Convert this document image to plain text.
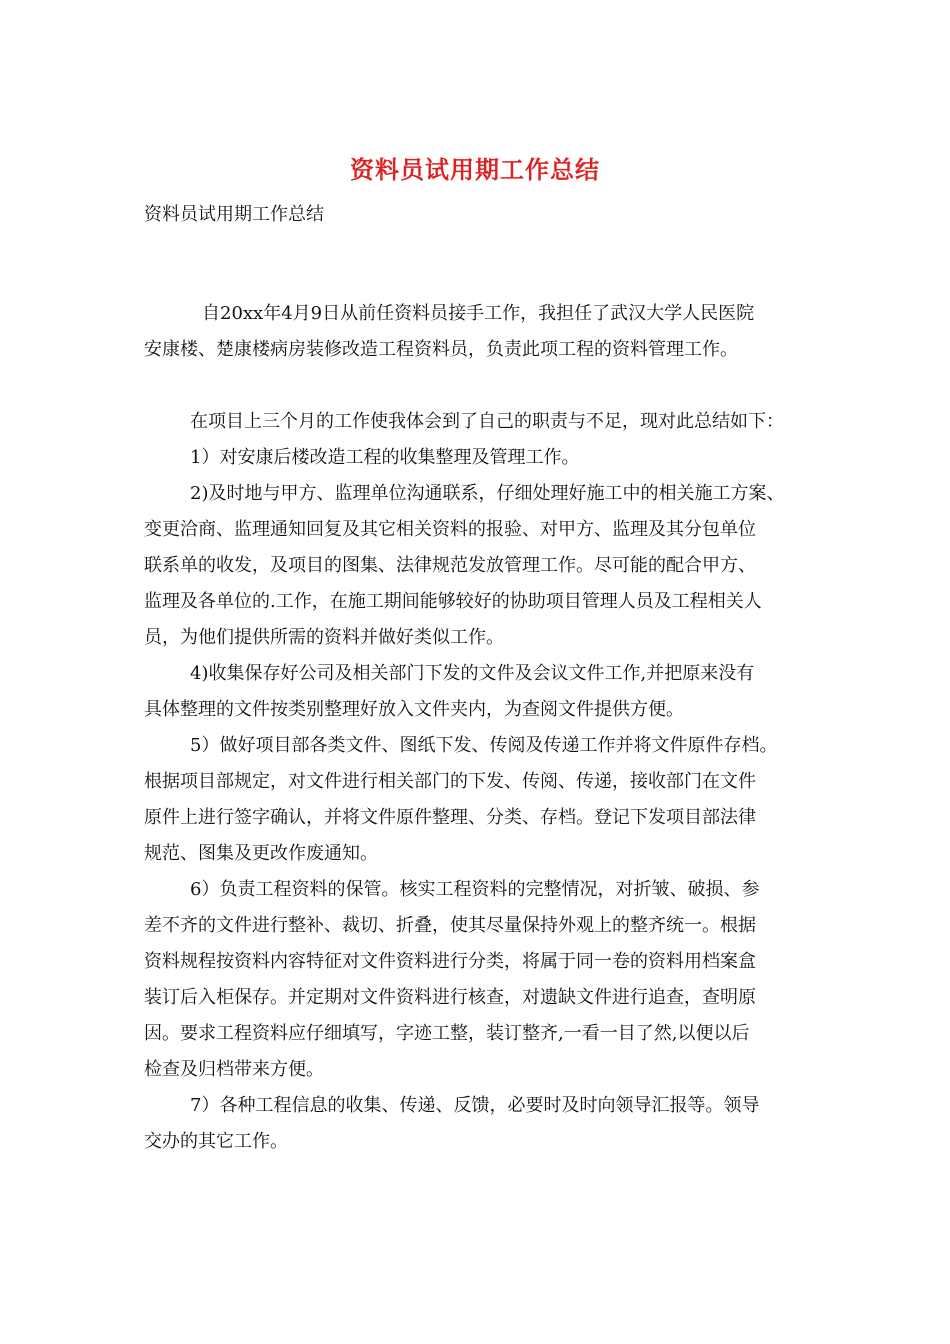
资料员试用期工作总结
资料员试用期工作总结
自20xx年4月9日从前任资料员接手工作，我担任了武汉大学人民医院
安康楼、楚康楼病房装修改造工程资料员，负责此项工程的资料管理工作。
在项目上三个月的工作使我体会到了自己的职责与不足，现对此总结如下：
1）对安康后楼改造工程的收集整理及管理工作。
2)及时地与甲方、监理单位沟通联系，仔细处理好施工中的相关施工方案、
变更洽商、监理通知回复及其它相关资料的报验、对甲方、监理及其分包单位
联系单的收发，及项目的图集、法律规范发放管理工作。尽可能的配合甲方、
监理及各单位的.工作，在施工期间能够较好的协助项目管理人员及工程相关人
员，为他们提供所需的资料并做好类似工作。
4)收集保存好公司及相关部门下发的文件及会议文件工作,并把原来没有
具体整理的文件按类别整理好放入文件夹内，为查阅文件提供方便。
5）做好项目部各类文件、图纸下发、传阅及传递工作并将文件原件存档。
根据项目部规定，对文件进行相关部门的下发、传阅、传递，接收部门在文件
原件上进行签字确认，并将文件原件整理、分类、存档。登记下发项目部法律
规范、图集及更改作废通知。
6）负责工程资料的保管。核实工程资料的完整情况，对折皱、破损、参
差不齐的文件进行整补、裁切、折叠，使其尽量保持外观上的整齐统一。根据
资料规程按资料内容特征对文件资料进行分类，将属于同一卷的资料用档案盒
装订后入柜保存。并定期对文件资料进行核查，对遗缺文件进行追查，查明原
因。要求工程资料应仔细填写，字迹工整，装订整齐,一看一目了然,以便以后
检查及归档带来方便。
7）各种工程信息的收集、传递、反馈，必要时及时向领导汇报等。领导
交办的其它工作。
